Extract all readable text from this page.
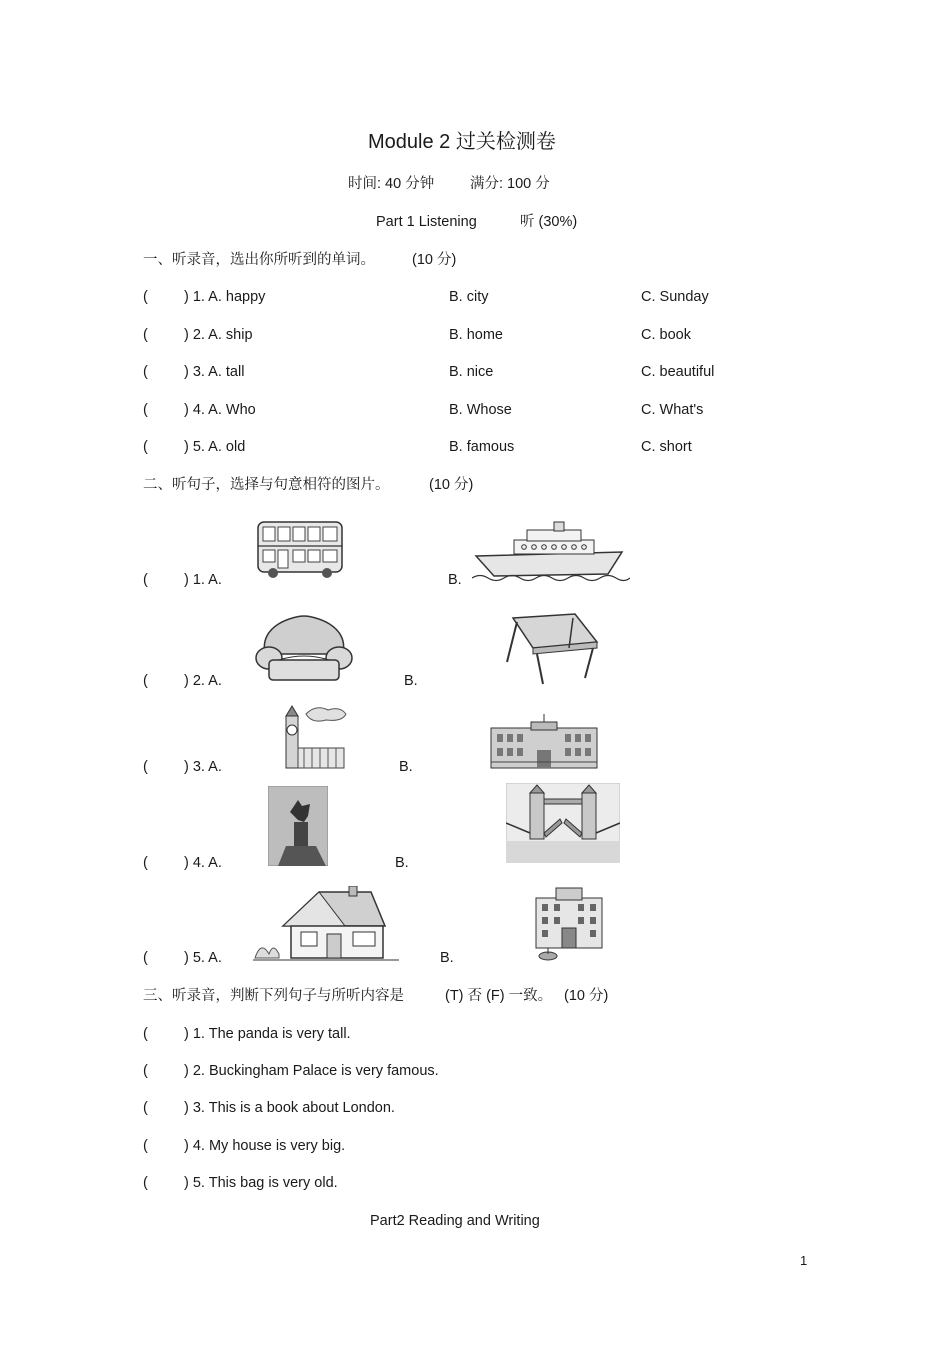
Module 2 过关检测卷
时间: 40 分钟 满分: 100 分
Part 1 Listening	听 (30%)
一、听录音，选出你所听到的单词。	(10 分)
( ) 1. A. happy	B. city	C. Sunday
( ) 2. A. ship	B. home	C. book
( ) 3. A. tall	B. nice	C. beautiful
( ) 4. A. Who	B. Whose	C. What's
( ) 5. A. old	B. famous	C. short
二、听句子，选择与句意相符的图片。	(10 分)
( ) 1. A.	B.
( ) 2. A.	B.
( ) 3. A.	B.
( ) 4. A.	B.
( ) 5. A.	B.
三、听录音，判断下列句子与所听内容是	(T) 否 (F) 一致。 (10 分)
( ) 1. The panda is very tall.
( ) 2. Buckingham Palace is very famous.
( ) 3. This is a book about London.
( ) 4. My house is very big.
( ) 5. This bag is very old.
Part2 Reading and Writing
1
